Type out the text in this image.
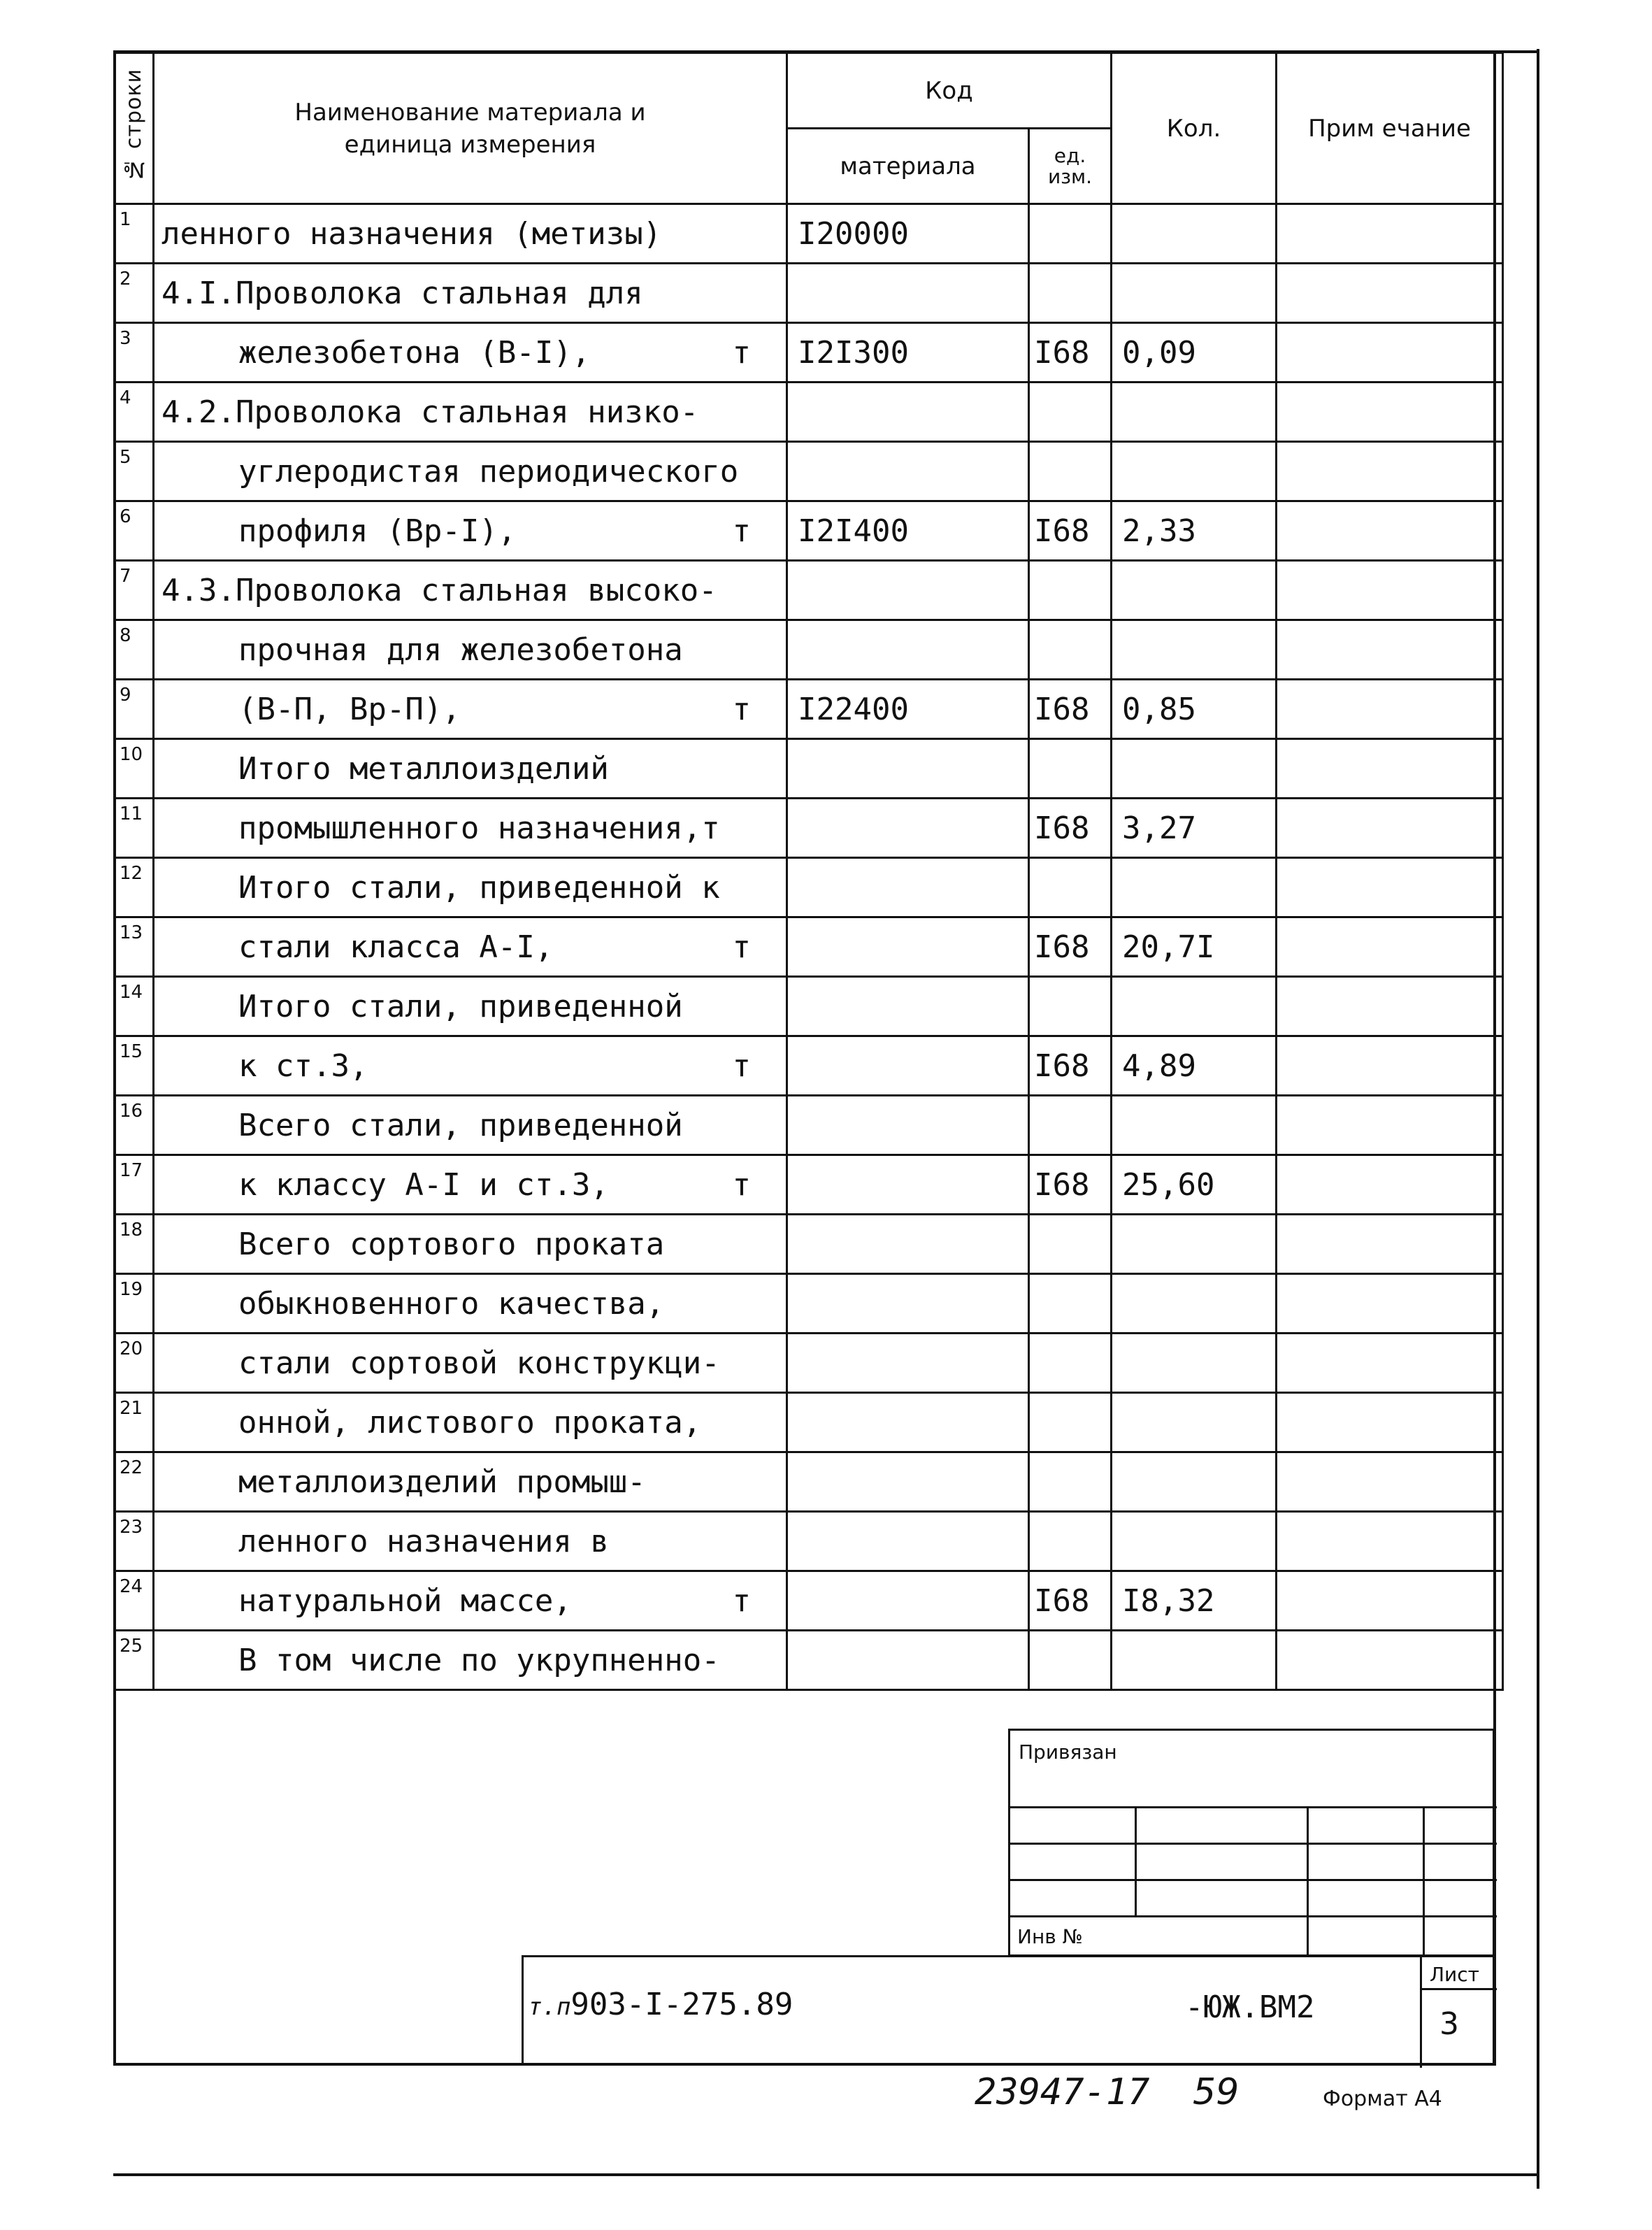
№ строки	Наименование материала и единица измерения	Код		Кол.	Прим ечание
		материала	ед. изм.		
1	ленного назначения (метизы)	I20000			
2	4.I.Проволока стальная для				

3	железобетона (В-I), т	I2I300	I68	0,09	
4	4.2.Проволока стальная низко-				

5	углеродистая периодического				

6	профиля (Вр-I), т	I2I400	I68	2,33	
7	4.3.Проволока стальная высоко-				

8	прочная для железобетона				

9	(В-П, Вр-П), т	I22400	I68	0,85	
10	Итого металлоизделий				

11	промышленного назначения,т		I68	3,27	
12	Итого стали, приведенной к				

13	стали класса А-I, т		I68	20,7I	
14	Итого стали, приведенной				

15	к ст.3, т		I68	4,89	
16	Всего стали, приведенной				

17	к классу А-I и ст.3, т		I68	25,60	
18	Всего сортового проката				

19	обыкновенного качества,				

20	стали сортовой конструкци-				

21	онной, листового проката,				

22	металлоизделий промыш-				

23	ленного назначения в				

24	натуральной массе, т		I68	I8,32	
25	В том числе по укрупненно-				

Привязан
Инв №
т.п903-I-275.89	-ЮЖ.ВМ2
Лист
3
23947-17 59	Формат А4
